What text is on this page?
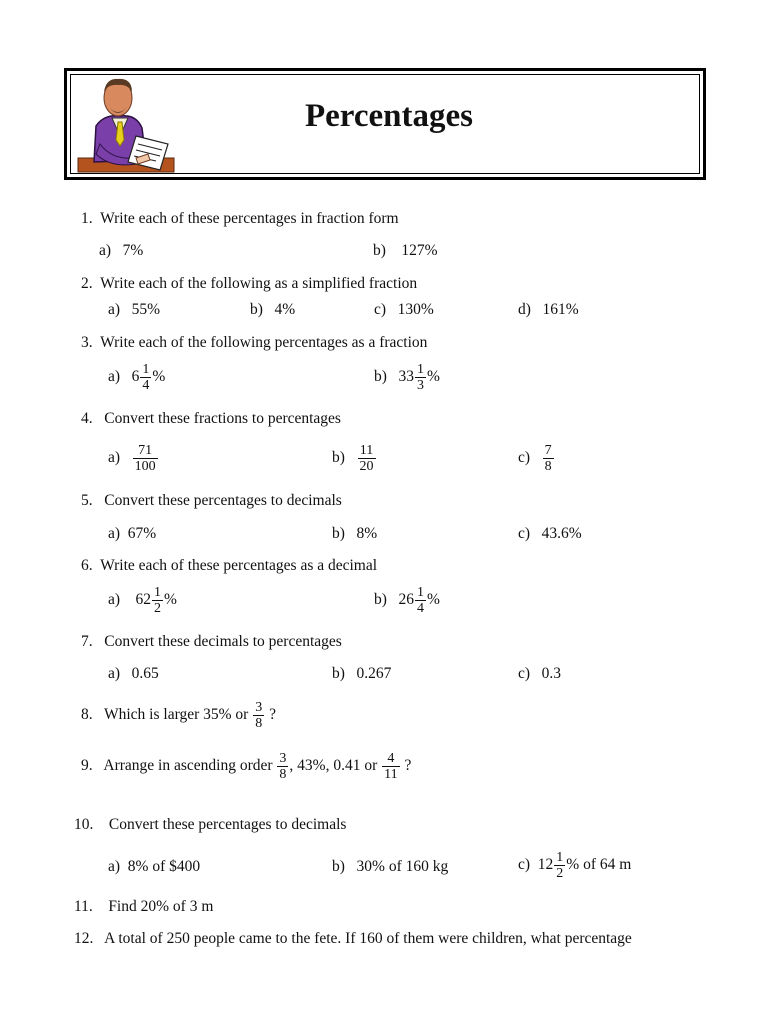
Percentages
1. Write each of these percentages in fraction form
a) 7%	b) 127%
2. Write each of the following as a simplified fraction
a) 55%	b) 4%	c) 130%	d) 161%
3. Write each of the following percentages as a fraction
a) $6 \frac{1}{4}$ %	b) $33 \frac{1}{3}$ %
4. Convert these fractions to percentages
$a) \frac{71}{100}$	$b) \frac{11}{20}$	$c) \frac{7}{8}$
5. Convert these percentages to decimals
a) 67%	b) 8%	c) 43.6%
6. Write each of these percentages as a decimal
a) $62 \frac{1}{2}$ %	b) $26 \frac{1}{4}$ %
7. Convert these decimals to percentages
a) 0.65	b) 0.267	c) 0.3
8. Which is larger 35% or $\frac{3}{8}$ ?
9. Arrange in ascending order $\frac{3}{8}$ , 43%, 0.41 or $\frac{4}{11}$ ?
10. Convert these percentages to decimals
a) 8% of $400	b) 30% of 160 kg	c) $12 \frac{1}{2}$ % of 64 m
11. Find 20% of 3 m
12. A total of 250 people came to the fete. If 160 of them were children, what percentage
